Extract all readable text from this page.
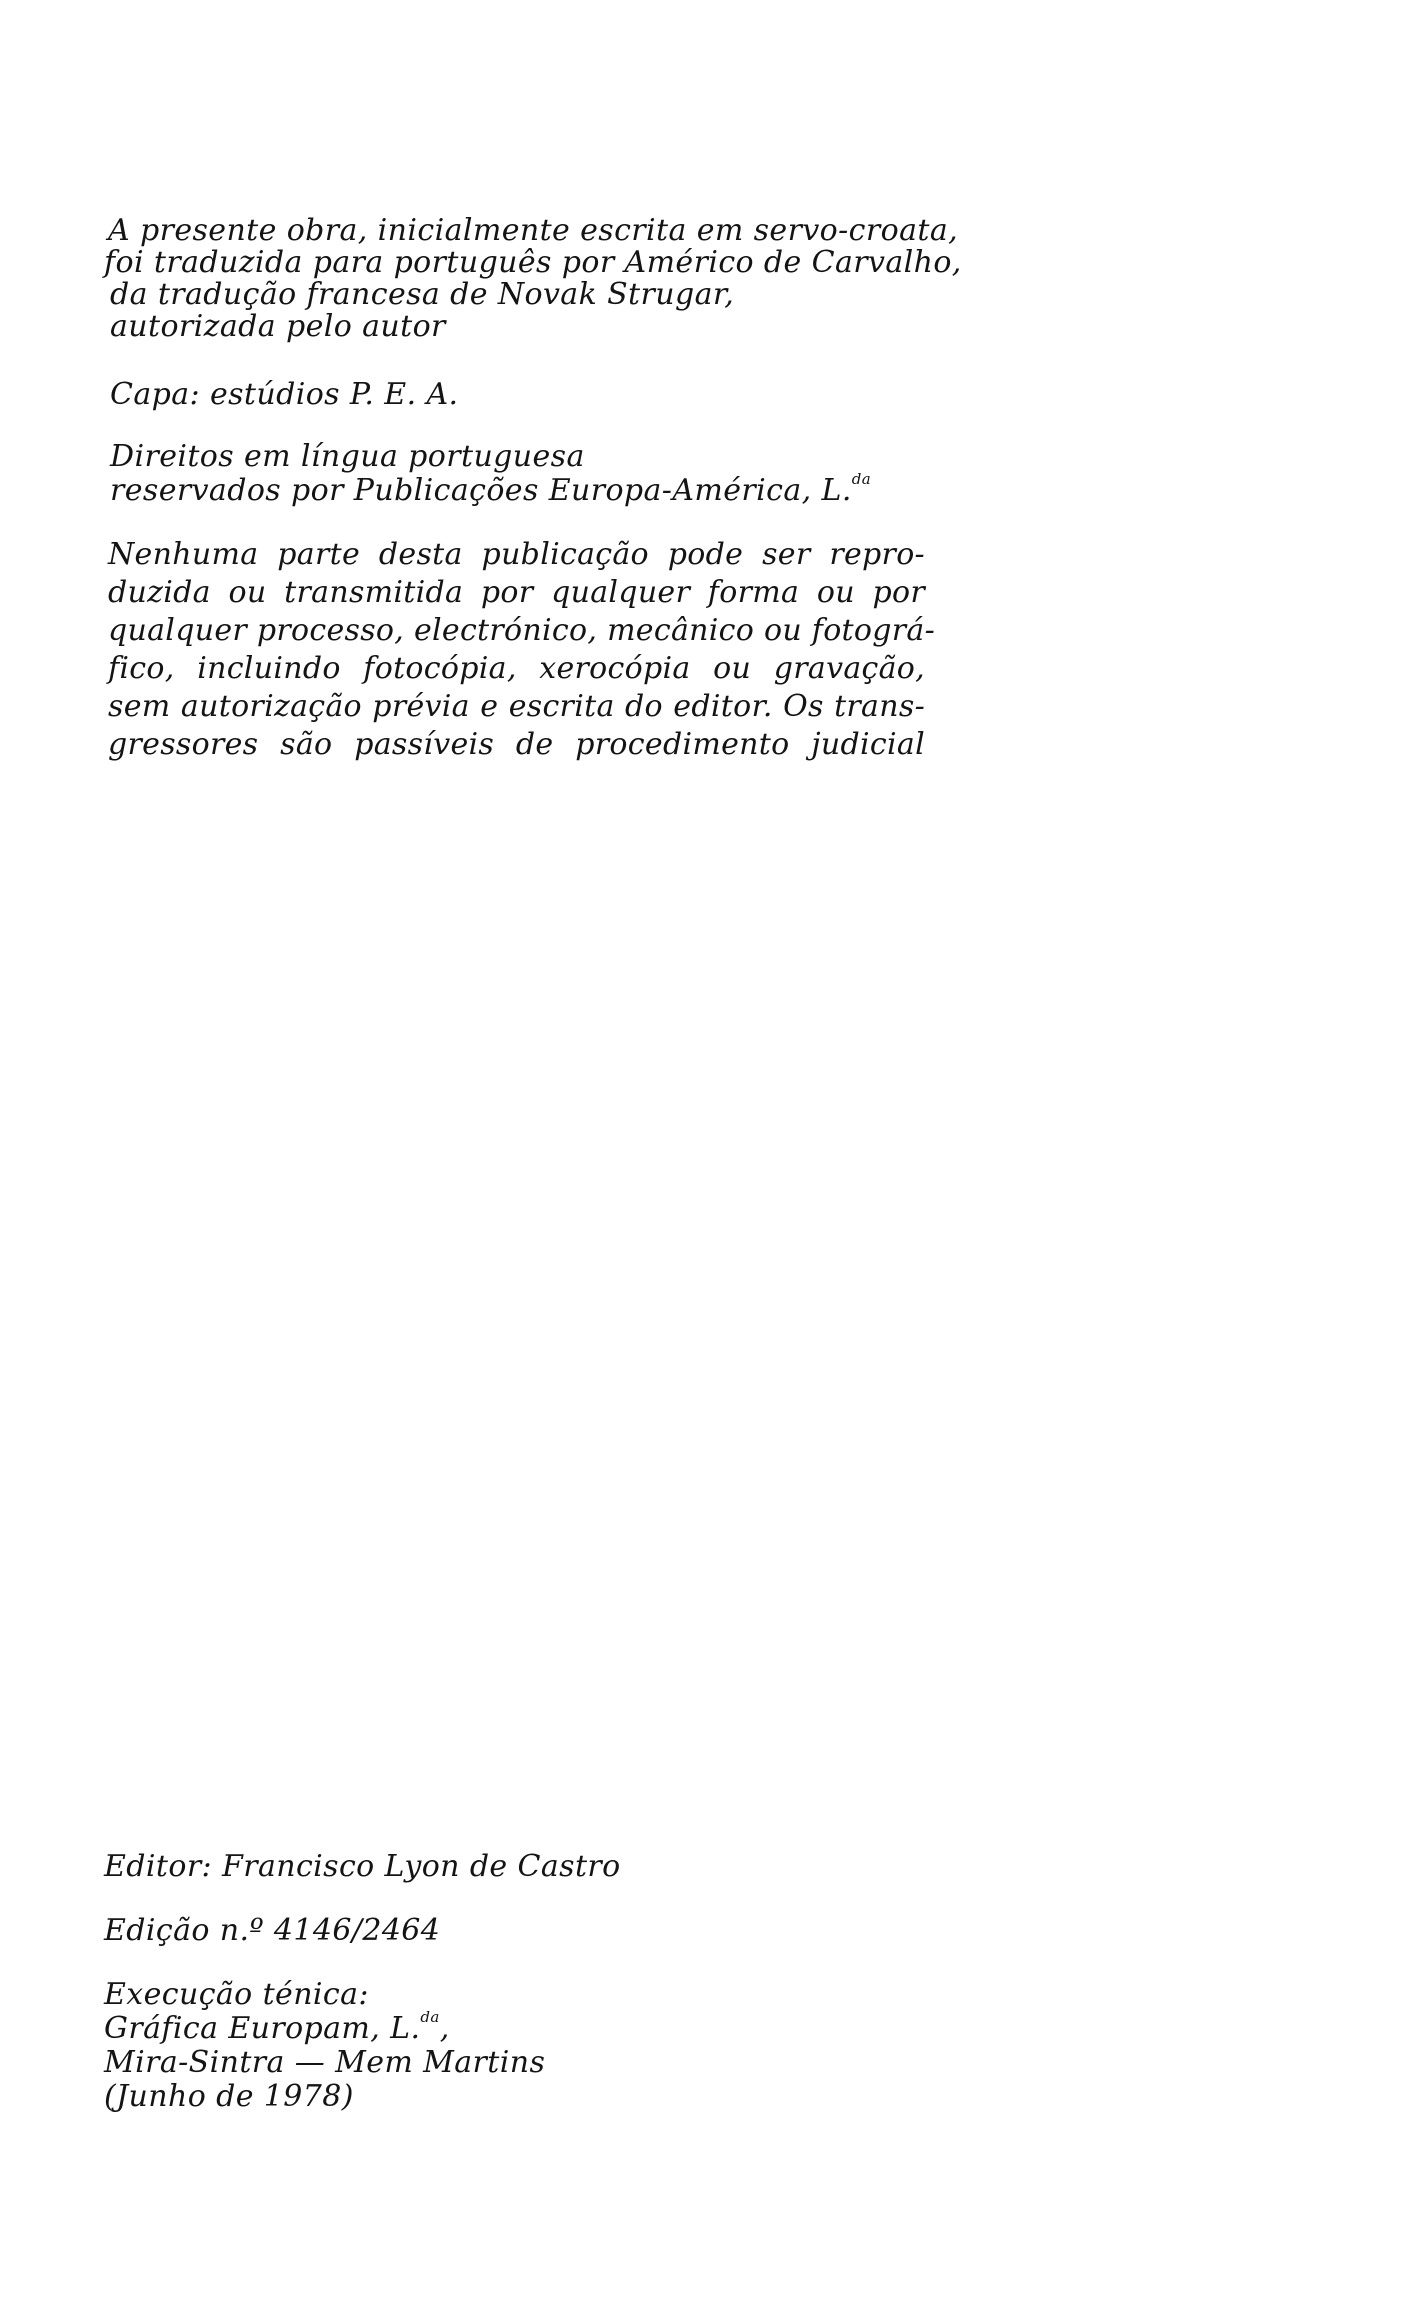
A presente obra, inicialmente escrita em servo-croata,
foi traduzida para português por Américo de Carvalho,
da tradução francesa de Novak Strugar,
autorizada pelo autor
Capa: estúdios P. E. A.
Direitos em língua portuguesa
reservados por Publicações Europa-América, L.$^{da}$
Nenhuma parte desta publicação pode ser repro-
duzida ou transmitida por qualquer forma ou por
qualquer processo, electrónico, mecânico ou fotográ-
fico, incluindo fotocópia, xerocópia ou gravação,
sem autorização prévia e escrita do editor. Os trans-
gressores são passíveis de procedimento judicial
Editor: Francisco Lyon de Castro
Edição n.º 4146/2464
Execução ténica:
Gráfica Europam, L.$^{da}$,
Mira-Sintra — Mem Martins
(Junho de 1978)
